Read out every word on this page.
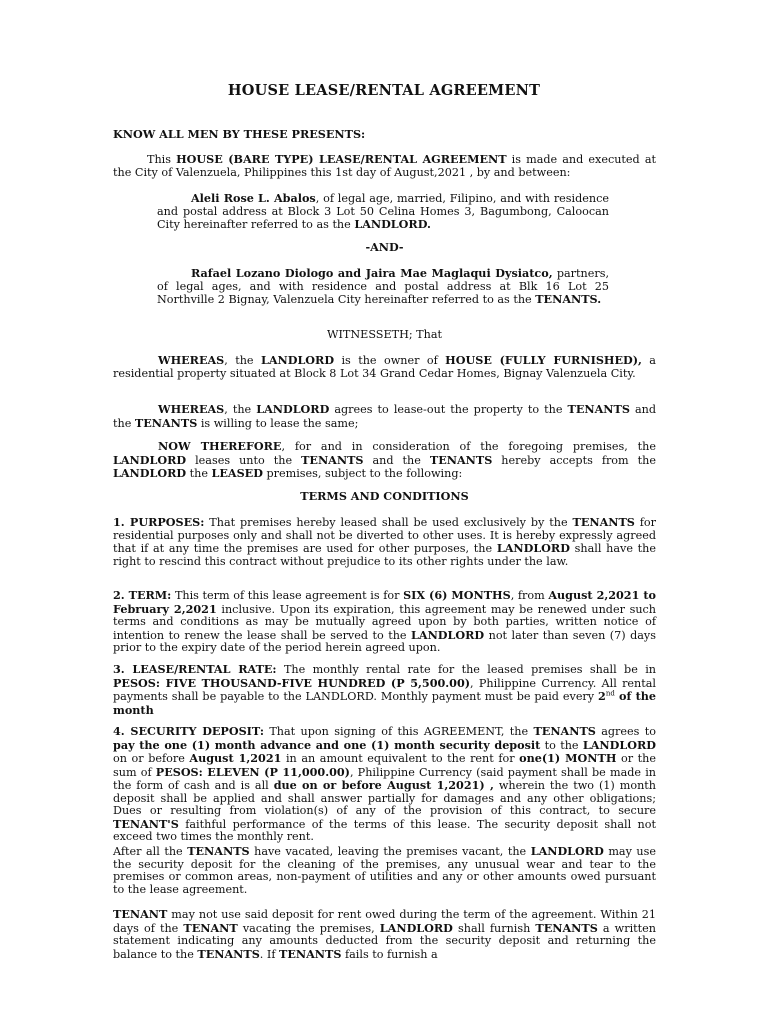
HOUSE LEASE/RENTAL AGREEMENT

KNOW ALL MEN BY THESE PRESENTS:

This HOUSE (BARE TYPE) LEASE/RENTAL AGREEMENT is made and executed at the City of Valenzuela, Philippines this 1st day of August,2021 , by and between:

Aleli Rose L. Abalos, of legal age, married, Filipino, and with residence and postal address at Block 3 Lot 50 Celina Homes 3, Bagumbong, Caloocan City hereinafter referred to as the LANDLORD.

-AND-

Rafael Lozano Diologo and Jaira Mae Maglaqui Dysiatco, partners, of legal ages, and with residence and postal address at Blk 16 Lot 25 Northville 2 Bignay, Valenzuela City hereinafter referred to as the TENANTS.

WITNESSETH; That

WHEREAS, the LANDLORD is the owner of HOUSE (FULLY FURNISHED), a residential property situated at Block 8 Lot 34 Grand Cedar Homes, Bignay Valenzuela City.

WHEREAS, the LANDLORD agrees to lease-out the property to the TENANTS and the TENANTS is willing to lease the same;

NOW THEREFORE, for and in consideration of the foregoing premises, the LANDLORD leases unto the TENANTS and the TENANTS hereby accepts from the LANDLORD the LEASED premises, subject to the following:

TERMS AND CONDITIONS

1. PURPOSES: That premises hereby leased shall be used exclusively by the TENANTS for residential purposes only and shall not be diverted to other uses. It is hereby expressly agreed that if at any time the premises are used for other purposes, the LANDLORD shall have the right to rescind this contract without prejudice to its other rights under the law.

2. TERM: This term of this lease agreement is for SIX (6) MONTHS, from August 2,2021 to February 2,2021 inclusive. Upon its expiration, this agreement may be renewed under such terms and conditions as may be mutually agreed upon by both parties, written notice of intention to renew the lease shall be served to the LANDLORD not later than seven (7) days prior to the expiry date of the period herein agreed upon.

3. LEASE/RENTAL RATE: The monthly rental rate for the leased premises shall be in PESOS: FIVE THOUSAND-FIVE HUNDRED (P 5,500.00), Philippine Currency. All rental payments shall be payable to the LANDLORD. Monthly payment must be paid every 2nd of the month

4. SECURITY DEPOSIT: That upon signing of this AGREEMENT, the TENANTS agrees to pay the one (1) month advance and one (1) month security deposit to the LANDLORD on or before August 1,2021 in an amount equivalent to the rent for one(1) MONTH or the sum of PESOS: ELEVEN (P 11,000.00), Philippine Currency (said payment shall be made in the form of cash and is all due on or before August 1,2021) , wherein the two (1) month deposit shall be applied and shall answer partially for damages and any other obligations; Dues or resulting from violation(s) of any of the provision of this contract, to secure TENANT'S faithful performance of the terms of this lease. The security deposit shall not exceed two times the monthly rent.

After all the TENANTS have vacated, leaving the premises vacant, the LANDLORD may use the security deposit for the cleaning of the premises, any unusual wear and tear to the premises or common areas, non-payment of utilities and any or other amounts owed pursuant to the lease agreement.

TENANT may not use said deposit for rent owed during the term of the agreement. Within 21 days of the TENANT vacating the premises, LANDLORD shall furnish TENANTS a written statement indicating any amounts deducted from the security deposit and returning the balance to the TENANTS. If TENANTS fails to furnish a
